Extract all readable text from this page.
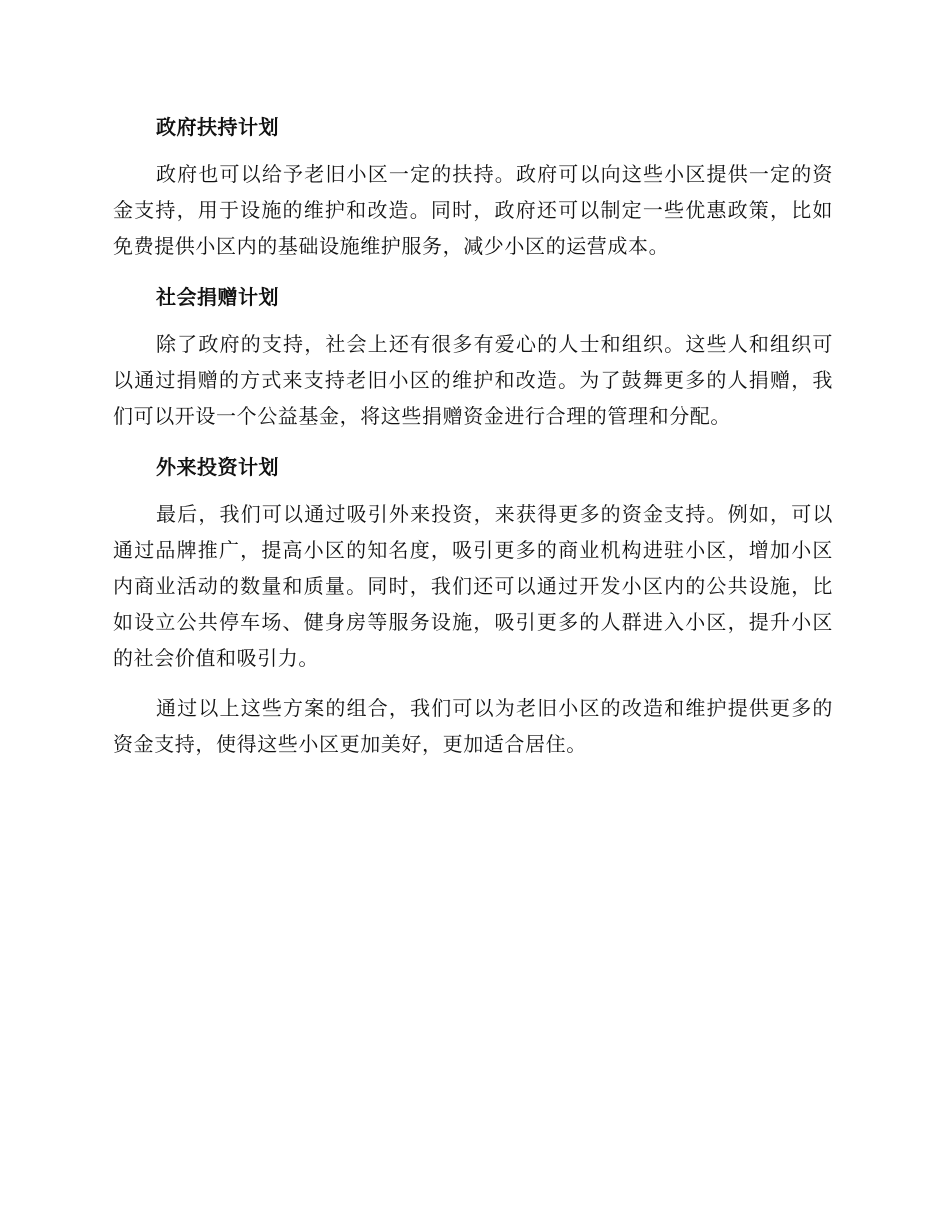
政府扶持计划

政府也可以给予老旧小区一定的扶持。政府可以向这些小区提供一定的资金支持，用于设施的维护和改造。同时，政府还可以制定一些优惠政策，比如免费提供小区内的基础设施维护服务，减少小区的运营成本。

社会捐赠计划

除了政府的支持，社会上还有很多有爱心的人士和组织。这些人和组织可以通过捐赠的方式来支持老旧小区的维护和改造。为了鼓舞更多的人捐赠，我们可以开设一个公益基金，将这些捐赠资金进行合理的管理和分配。

外来投资计划

最后，我们可以通过吸引外来投资，来获得更多的资金支持。例如，可以通过品牌推广，提高小区的知名度，吸引更多的商业机构进驻小区，增加小区内商业活动的数量和质量。同时，我们还可以通过开发小区内的公共设施，比如设立公共停车场、健身房等服务设施，吸引更多的人群进入小区，提升小区的社会价值和吸引力。

通过以上这些方案的组合，我们可以为老旧小区的改造和维护提供更多的资金支持，使得这些小区更加美好，更加适合居住。
